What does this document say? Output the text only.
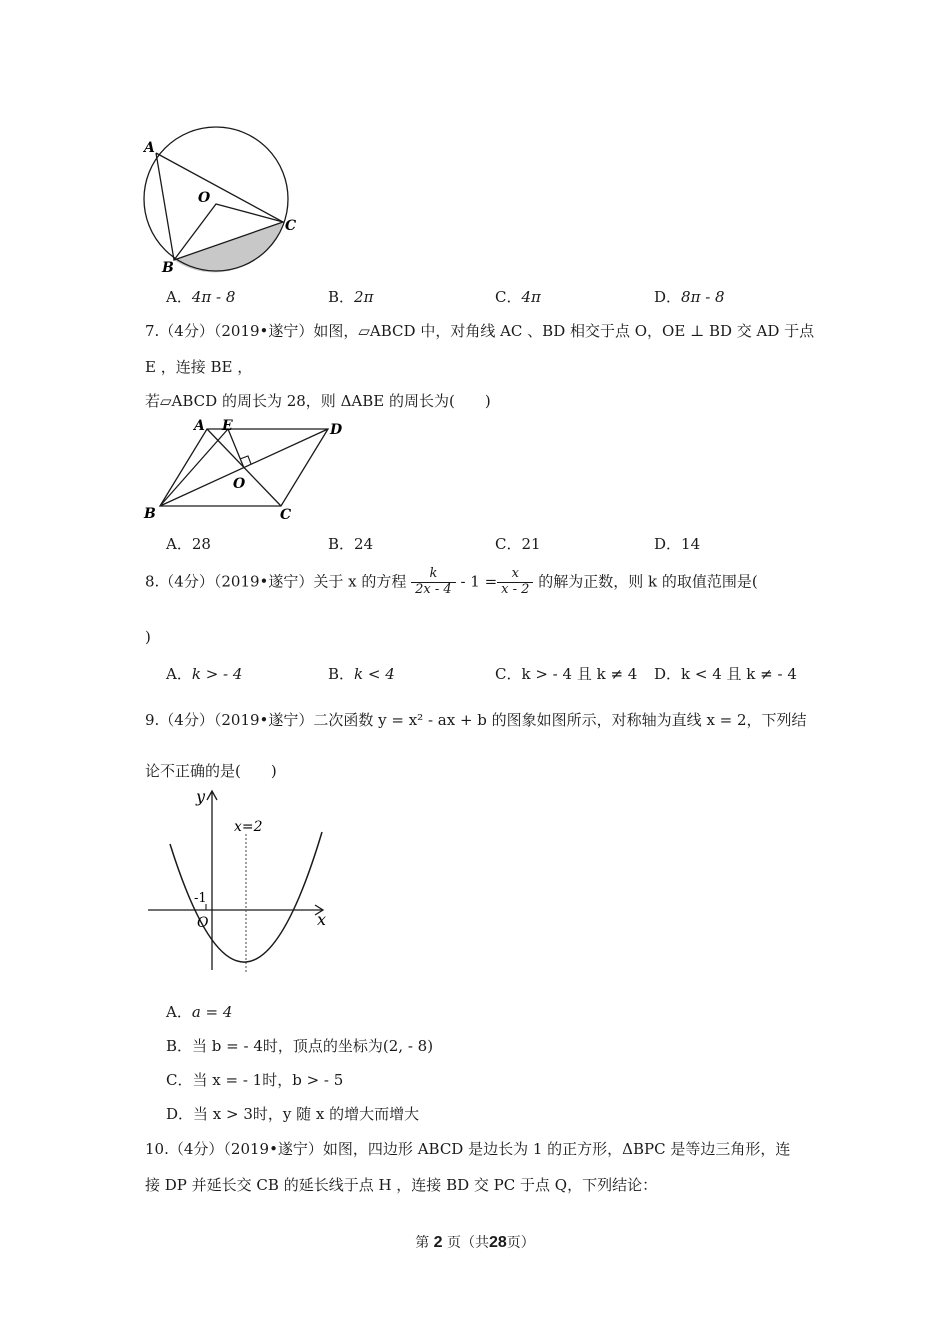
A
O
C
B
A．4π - 8	B．2π	C．4π	D．8π - 8
7.（4分）（2019•遂宁）如图，▱ABCD 中，对角线 AC 、BD 相交于点 O，OE ⊥ BD 交 AD 于点
E ，连接 BE ，
若▱ABCD 的周长为 28，则 ΔABE 的周长为(　　)
A E	D
O
B	C
A．28	B．24	C．21	D．14
8.（4分）（2019•遂宁）关于 x 的方程 $\frac{k}{2x - 4} - 1 = \frac{x}{x - 2}$ 的解为正数，则 k 的取值范围是(
)
A．k > - 4	B．k < 4	C．k > - 4 且 k ≠ 4 D．k < 4 且 k ≠ - 4
9.（4分）（2019•遂宁）二次函数 y = x² - ax + b 的图象如图所示，对称轴为直线 x = 2，下列结
论不正确的是(　　)
y
x
x=2
-1
O
A．a = 4
B．当 b = - 4时，顶点的坐标为(2, - 8)
C．当 x = - 1时，b > - 5
D．当 x > 3时，y 随 x 的增大而增大
10.（4分）（2019•遂宁）如图，四边形 ABCD 是边长为 1 的正方形，ΔBPC 是等边三角形，连
接 DP 并延长交 CB 的延长线于点 H ，连接 BD 交 PC 于点 Q，下列结论：
第 2 页（共28页）
